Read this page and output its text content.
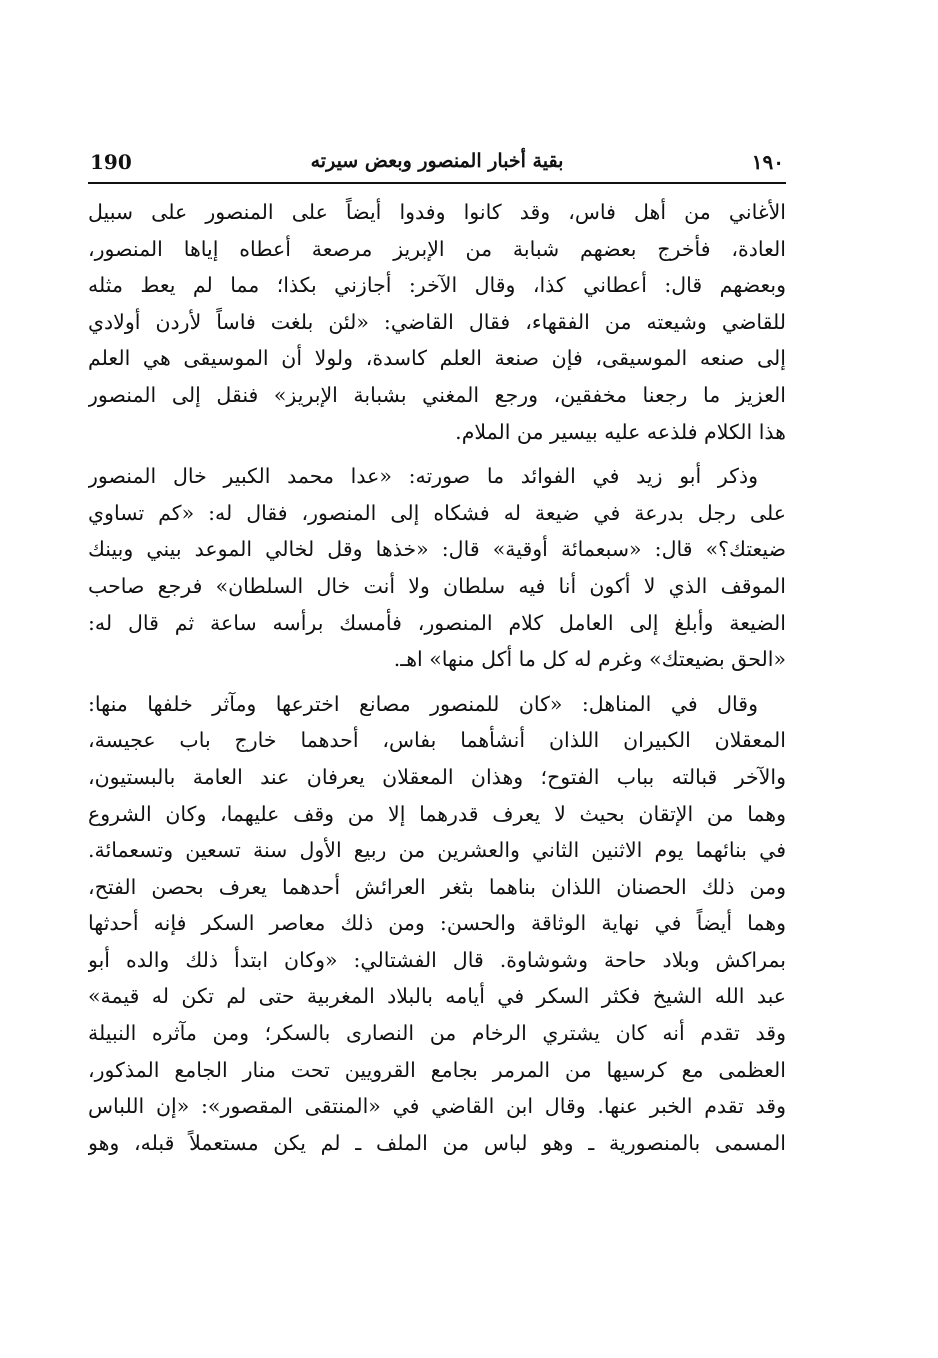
190	بقية أخبار المنصور وبعض سيرته	١٩٠
الأغاني من أهل فاس، وقد كانوا وفدوا أيضاً على المنصور على سبيل
العادة، فأخرج بعضهم شبابة من الإبريز مرصعة أعطاه إياها المنصور،
وبعضهم قال: أعطاني كذا، وقال الآخر: أجازني بكذا؛ مما لم يعط مثله
للقاضي وشيعته من الفقهاء، فقال القاضي: «لئن بلغت فاساً لأردن أولادي
إلى صنعه الموسيقى، فإن صنعة العلم كاسدة، ولولا أن الموسيقى هي العلم
العزيز ما رجعنا مخفقين، ورجع المغني بشبابة الإبريز» فنقل إلى المنصور
هذا الكلام فلذعه عليه بيسير من الملام.
وذكر أبو زيد في الفوائد ما صورته: «عدا محمد الكبير خال المنصور
على رجل بدرعة في ضيعة له فشكاه إلى المنصور، فقال له: «كم تساوي
ضيعتك؟» قال: «سبعمائة أوقية» قال: «خذها وقل لخالي الموعد بيني وبينك
الموقف الذي لا أكون أنا فيه سلطان ولا أنت خال السلطان» فرجع صاحب
الضيعة وأبلغ إلى العامل كلام المنصور، فأمسك برأسه ساعة ثم قال له:
«الحق بضيعتك» وغرم له كل ما أكل منها» اهـ.
وقال في المناهل: «كان للمنصور مصانع اخترعها ومآثر خلفها منها:
المعقلان الكبيران اللذان أنشأهما بفاس، أحدهما خارج باب عجيسة،
والآخر قبالته بباب الفتوح؛ وهذان المعقلان يعرفان عند العامة بالبستيون،
وهما من الإتقان بحيث لا يعرف قدرهما إلا من وقف عليهما، وكان الشروع
في بنائهما يوم الاثنين الثاني والعشرين من ربيع الأول سنة تسعين وتسعمائة.
ومن ذلك الحصنان اللذان بناهما بثغر العرائش أحدهما يعرف بحصن الفتح،
وهما أيضاً في نهاية الوثاقة والحسن: ومن ذلك معاصر السكر فإنه أحدثها
بمراكش وبلاد حاحة وشوشاوة. قال الفشتالي: «وكان ابتدأ ذلك والده أبو
عبد الله الشيخ فكثر السكر في أيامه بالبلاد المغربية حتى لم تكن له قيمة»
وقد تقدم أنه كان يشتري الرخام من النصارى بالسكر؛ ومن مآثره النبيلة
العظمى مع كرسيها من المرمر بجامع القرويين تحت منار الجامع المذكور،
وقد تقدم الخبر عنها. وقال ابن القاضي في «المنتقى المقصور»: «إن اللباس
المسمى بالمنصورية ـ وهو لباس من الملف ـ لم يكن مستعملاً قبله، وهو
